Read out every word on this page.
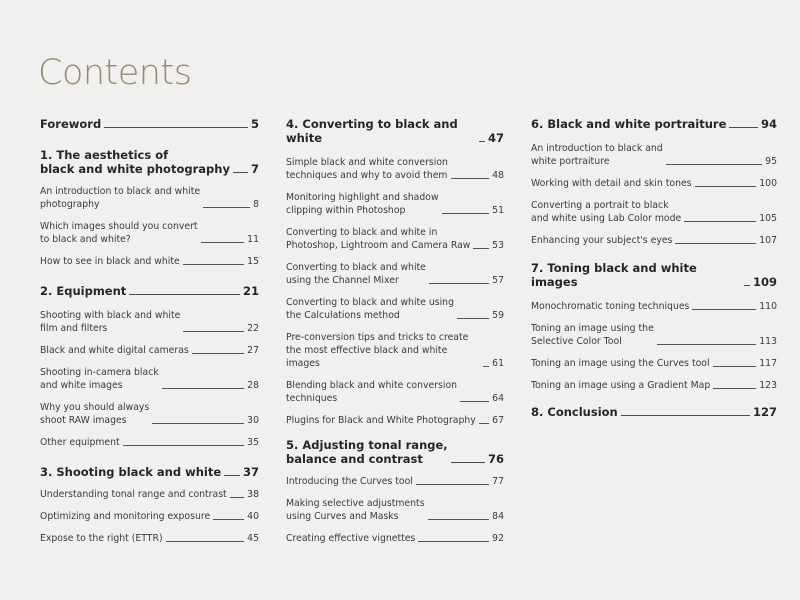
Contents
Foreword	5
1. The aesthetics of
black and white photography 7
An introduction to black and white
photography	8
Which images should you convert
to black and white?	11
How to see in black and white	15
2. Equipment	21
Shooting with black and white
film and filters	22
Black and white digital cameras	27
Shooting in-camera black
and white images	28
Why you should always
shoot RAW images	30
Other equipment	35
3. Shooting black and white 37
Understanding tonal range and contrast 38
Optimizing and monitoring exposure	40
Expose to the right (ETTR)	45
4. Converting to black and white	47
Simple black and white conversion
techniques and why to avoid them	48
Monitoring highlight and shadow
clipping within Photoshop	51
Converting to black and white in
Photoshop, Lightroom and Camera Raw 53
Converting to black and white
using the Channel Mixer	57
Converting to black and white using
the Calculations method	59
Pre-conversion tips and tricks to create
the most effective black and white images	61
Blending black and white conversion
techniques	64
Plugins for Black and White Photography 67
5. Adjusting tonal range,
balance and contrast	76
Introducing the Curves tool	77
Making selective adjustments
using Curves and Masks	84
Creating effective vignettes	92
6. Black and white portraiture	94
An introduction to black and
white portraiture	95
Working with detail and skin tones	100
Converting a portrait to black
and white using Lab Color mode	105
Enhancing your subject's eyes	107
7. Toning black and white images	109
Monochromatic toning techniques	110
Toning an image using the
Selective Color Tool	113
Toning an image using the Curves tool	117
Toning an image using a Gradient Map	123
8. Conclusion	127
